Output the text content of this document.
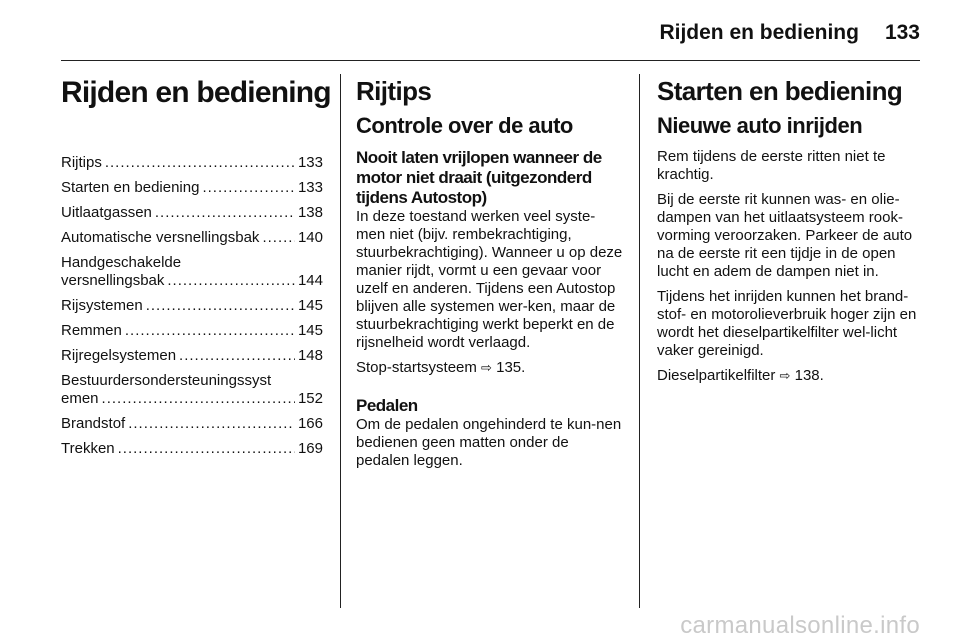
Rijden en bediening 133
Rijden en bediening
Rijtips .....	133
Starten en bediening .....	133
Uitlaatgassen .....	138
Automatische versnellingsbak .....	140
Handgeschakelde
versnellingsbak .....	144
Rijsystemen .....	145
Remmen .....	145
Rijregelsystemen .....	148
Bestuurdersondersteuningssyst
emen .....	152
Brandstof .....	166
Trekken .....	169
Rijtips
Controle over de auto
Nooit laten vrijlopen wanneer de motor niet draait (uitgezonderd tijdens Autostop)

In deze toestand werken veel syste-men niet (bijv. rembekrachtiging, stuurbekrachtiging). Wanneer u op deze manier rijdt, vormt u een gevaar voor uzelf en anderen. Tijdens een Autostop blijven alle systemen wer-ken, maar de stuurbekrachtiging werkt beperkt en de rijsnelheid wordt verlaagd.

Stop-startsysteem ⇨ 135.

Pedalen

Om de pedalen ongehinderd te kun-nen bedienen geen matten onder de pedalen leggen.

Starten en bediening
Nieuwe auto inrijden

Rem tijdens de eerste ritten niet te krachtig.

Bij de eerste rit kunnen was- en olie-dampen van het uitlaatsysteem rook-vorming veroorzaken. Parkeer de auto na de eerste rit een tijdje in de open lucht en adem de dampen niet in.

Tijdens het inrijden kunnen het brand-stof- en motorolieverbruik hoger zijn en wordt het dieselpartikelfilter wel-licht vaker gereinigd.

Dieselpartikelfilter ⇨ 138.

carmanualsonline.info
